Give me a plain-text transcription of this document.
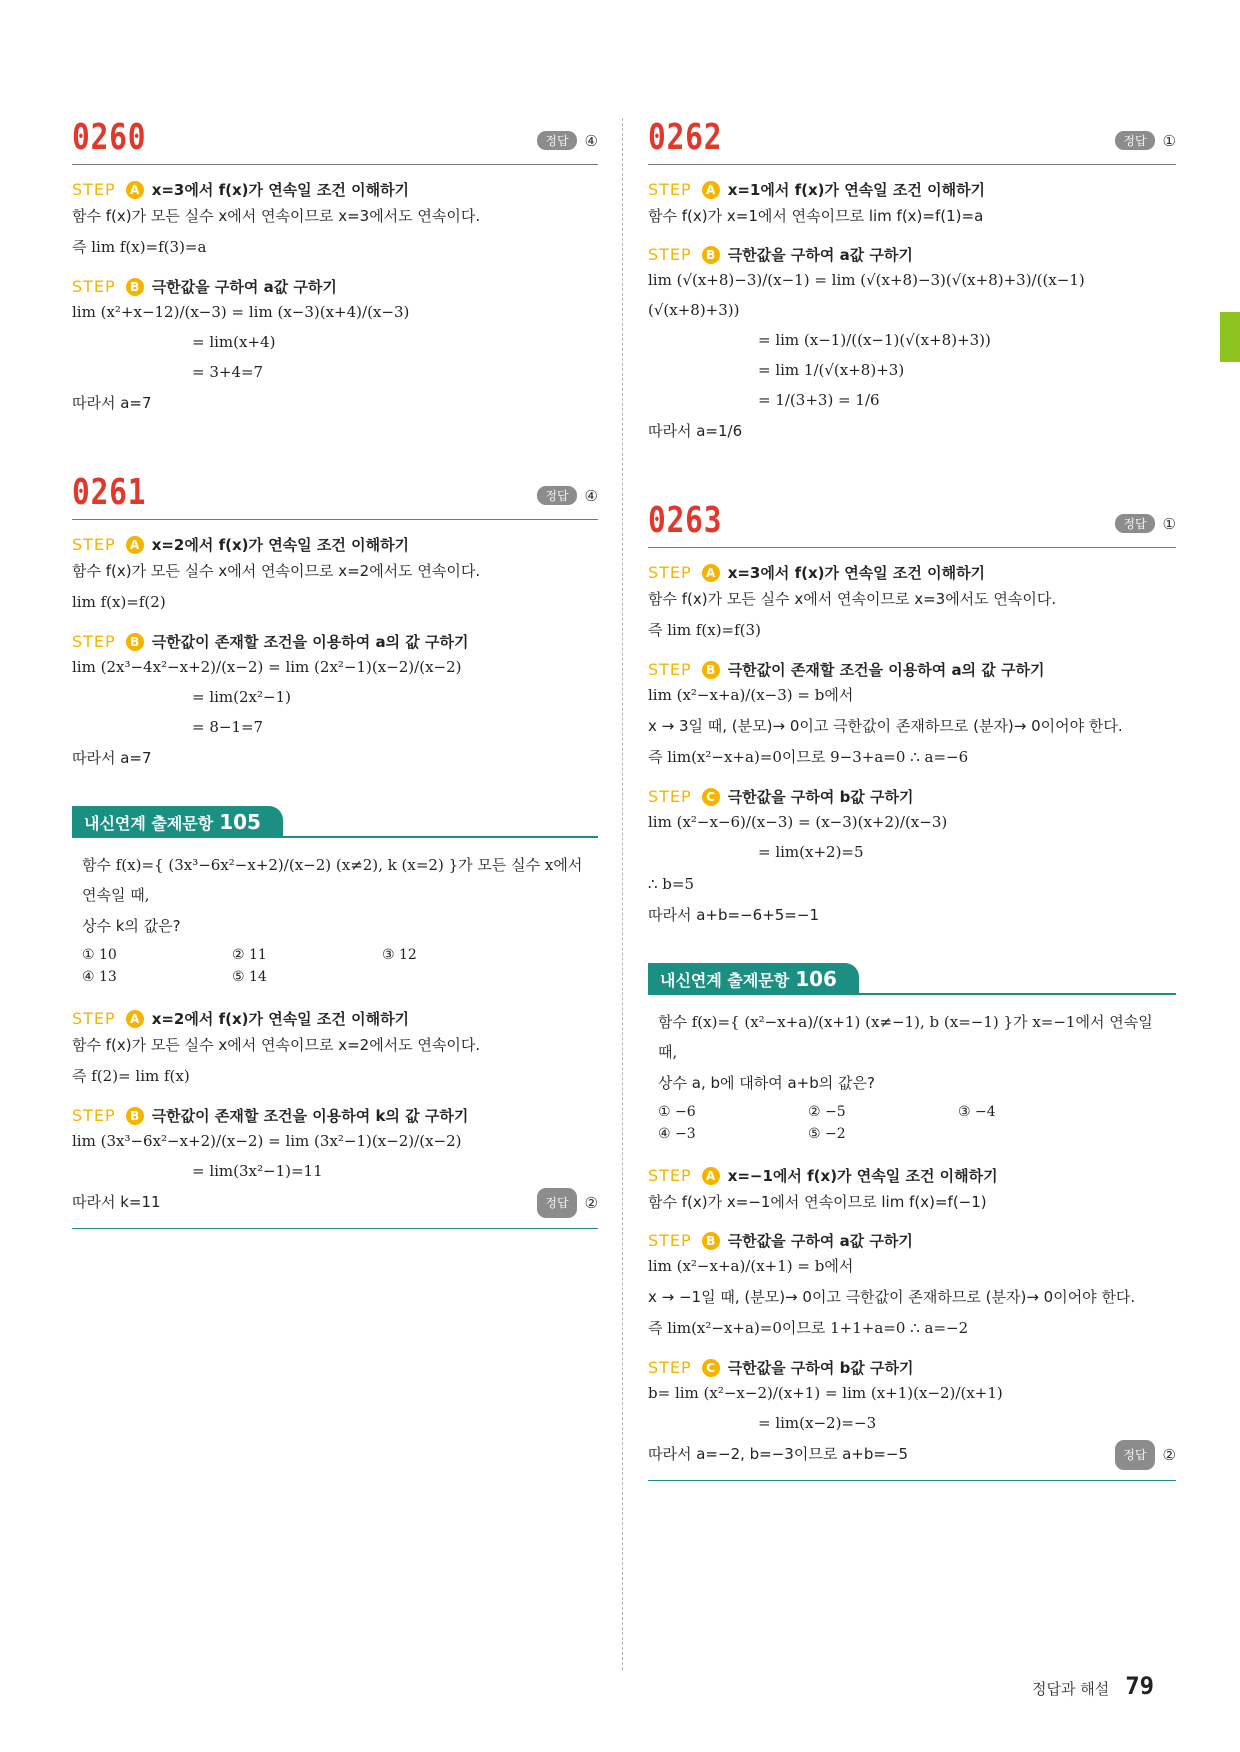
0260	정답	④
STEP	A x=3에서 f(x)가 연속일 조건 이해하기
함수 f(x)가 모든 실수 x에서 연속이므로 x=3에서도 연속이다.
즉 lim f(x)=f(3)=a
STEP	B 극한값을 구하여 a값 구하기
lim (x²+x−12)/(x−3) = lim (x−3)(x+4)/(x−3)
= lim(x+4)
= 3+4=7
따라서 a=7
0261	정답	④
STEP	A x=2에서 f(x)가 연속일 조건 이해하기
함수 f(x)가 모든 실수 x에서 연속이므로 x=2에서도 연속이다.
lim f(x)=f(2)
STEP	B 극한값이 존재할 조건을 이용하여 a의 값 구하기
lim (2x³−4x²−x+2)/(x−2) = lim (2x²−1)(x−2)/(x−2)
= lim(2x²−1)
= 8−1=7
따라서 a=7
내신연계 출제문항 105
함수 f(x)={ (3x³−6x²−x+2)/(x−2) (x≠2), k (x=2) }가 모든 실수 x에서 연속일 때,
상수 k의 값은?
① 10	② 11	③ 12
④ 13	⑤ 14
STEP	A x=2에서 f(x)가 연속일 조건 이해하기
함수 f(x)가 모든 실수 x에서 연속이므로 x=2에서도 연속이다.
즉 f(2)= lim f(x)
STEP	B 극한값이 존재할 조건을 이용하여 k의 값 구하기
lim (3x³−6x²−x+2)/(x−2) = lim (3x²−1)(x−2)/(x−2)
= lim(3x²−1)=11
따라서 k=11	정답	②
0262	정답	①
STEP	A x=1에서 f(x)가 연속일 조건 이해하기
함수 f(x)가 x=1에서 연속이므로 lim f(x)=f(1)=a
STEP	B 극한값을 구하여 a값 구하기
lim (√(x+8)−3)/(x−1) = lim (√(x+8)−3)(√(x+8)+3)/((x−1)(√(x+8)+3))
= lim (x−1)/((x−1)(√(x+8)+3))
= lim 1/(√(x+8)+3)
= 1/(3+3) = 1/6
따라서 a=1/6
0263	정답	①
STEP	A x=3에서 f(x)가 연속일 조건 이해하기
함수 f(x)가 모든 실수 x에서 연속이므로 x=3에서도 연속이다.
즉 lim f(x)=f(3)
STEP	B 극한값이 존재할 조건을 이용하여 a의 값 구하기
lim (x²−x+a)/(x−3) = b에서
x → 3일 때, (분모)→ 0이고 극한값이 존재하므로 (분자)→ 0이어야 한다.
즉 lim(x²−x+a)=0이므로 9−3+a=0 ∴ a=−6
STEP	C 극한값을 구하여 b값 구하기
lim (x²−x−6)/(x−3) = (x−3)(x+2)/(x−3)
= lim(x+2)=5
∴ b=5
따라서 a+b=−6+5=−1
내신연계 출제문항 106
함수 f(x)={ (x²−x+a)/(x+1) (x≠−1), b (x=−1) }가 x=−1에서 연속일 때,
상수 a, b에 대하여 a+b의 값은?
① −6	② −5	③ −4
④ −3	⑤ −2
STEP	A x=−1에서 f(x)가 연속일 조건 이해하기
함수 f(x)가 x=−1에서 연속이므로 lim f(x)=f(−1)
STEP	B 극한값을 구하여 a값 구하기
lim (x²−x+a)/(x+1) = b에서
x → −1일 때, (분모)→ 0이고 극한값이 존재하므로 (분자)→ 0이어야 한다.
즉 lim(x²−x+a)=0이므로 1+1+a=0 ∴ a=−2
STEP	C 극한값을 구하여 b값 구하기
b= lim (x²−x−2)/(x+1) = lim (x+1)(x−2)/(x+1)
= lim(x−2)=−3
따라서 a=−2, b=−3이므로 a+b=−5	정답	②
정답과 해설 79
